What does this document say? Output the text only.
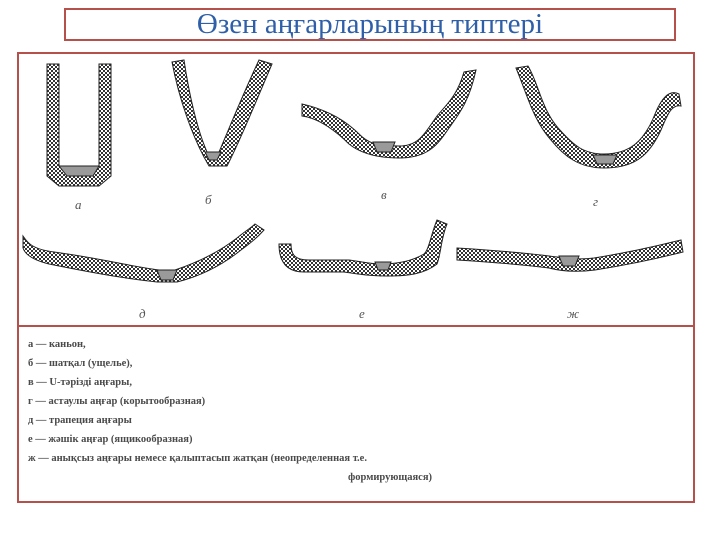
Өзен аңғарларының типтері
а	б	в	г
д	е	ж
а — каньон,
б — шатқал (ущелье),
в — U-тәрізді аңғары,
г — астаулы аңғар (корытообразная)
д — трапеция аңғары
е — жәшік аңғар (ящикообразная)
ж — анықсыз аңғары немесе қалыптасып жатқан (неопределенная т.е.
формирующаяся)
